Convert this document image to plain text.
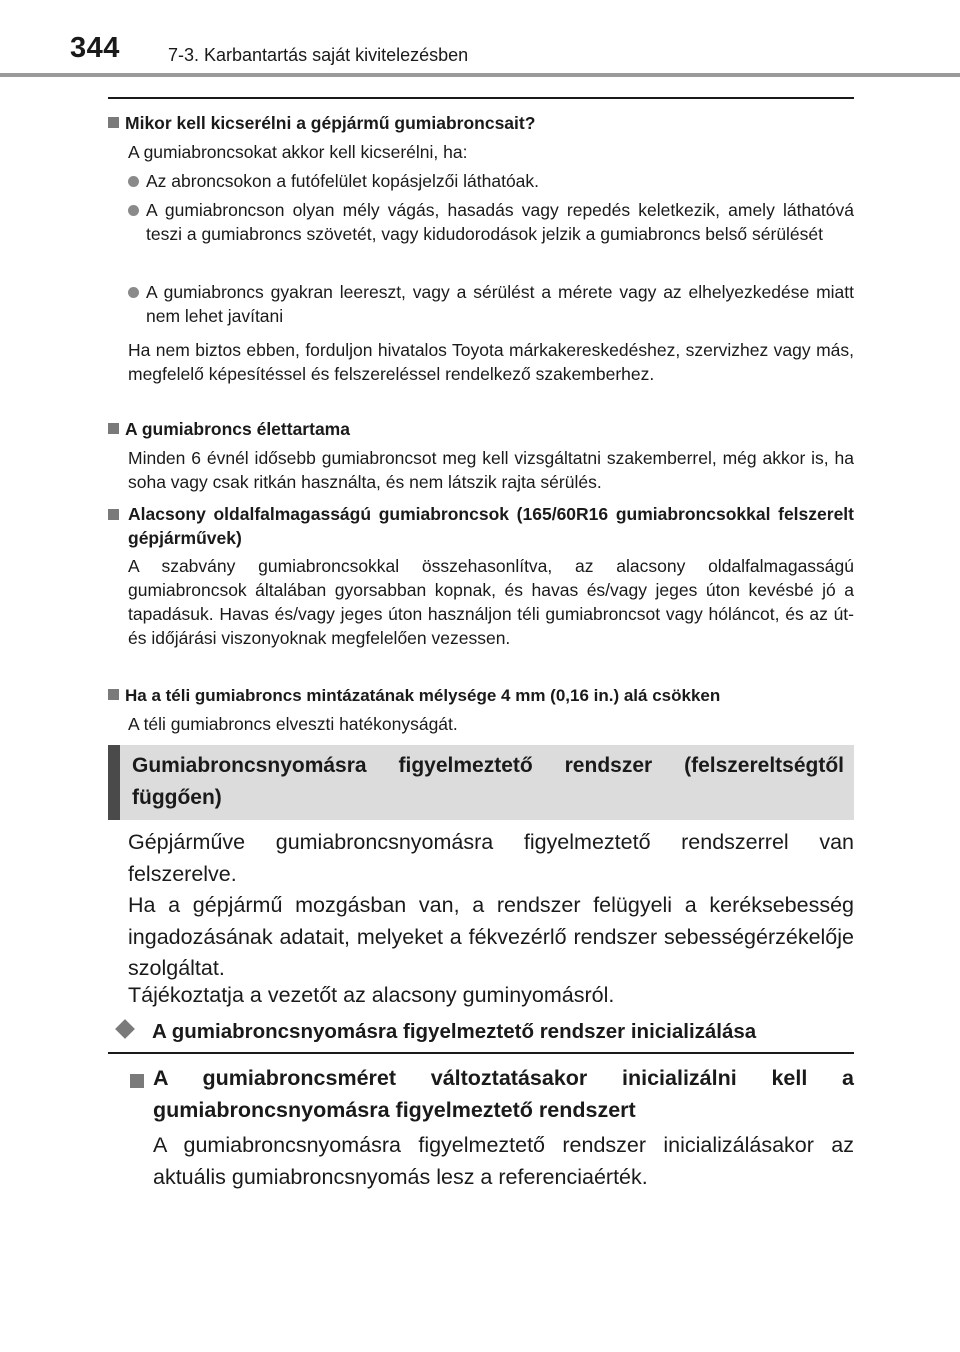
344	7-3. Karbantartás saját kivitelezésben

Mikor kell kicserélni a gépjármű gumiabroncsait?

A gumiabroncsokat akkor kell kicserélni, ha:

Az abroncsokon a futófelület kopásjelzői láthatóak.

A gumiabroncson olyan mély vágás, hasadás vagy repedés keletkezik, amely láthatóvá teszi a gumiabroncs szövetét, vagy kidudorodások jelzik a gumiabroncs belső sérülését

A gumiabroncs gyakran leereszt, vagy a sérülést a mérete vagy az elhelyezkedése miatt nem lehet javítani

Ha nem biztos ebben, forduljon hivatalos Toyota márkakereskedéshez, szervizhez vagy más, megfelelő képesítéssel és felszereléssel rendelkező szakemberhez.

A gumiabroncs élettartama

Minden 6 évnél idősebb gumiabroncsot meg kell vizsgáltatni szakemberrel, még akkor is, ha soha vagy csak ritkán használta, és nem látszik rajta sérülés.

Alacsony oldalfalmagasságú gumiabroncsok (165/60R16 gumiabroncsokkal felszerelt gépjárművek)

A szabvány gumiabroncsokkal összehasonlítva, az alacsony oldalfalmagasságú gumiabroncsok általában gyorsabban kopnak, és havas és/vagy jeges úton kevésbé jó a tapadásuk. Havas és/vagy jeges úton használjon téli gumiabroncsot vagy hóláncot, és az út- és időjárási viszonyoknak megfelelően vezessen.

Ha a téli gumiabroncs mintázatának mélysége 4 mm (0,16 in.) alá csökken

A téli gumiabroncs elveszti hatékonyságát.

Gumiabroncsnyomásra figyelmeztető rendszer (felszereltségtől függően)

Gépjárműve gumiabroncsnyomásra figyelmeztető rendszerrel van felszerelve.

Ha a gépjármű mozgásban van, a rendszer felügyeli a keréksebesség ingadozásának adatait, melyeket a fékvezérlő rendszer sebességérzékelője szolgáltat.

Tájékoztatja a vezetőt az alacsony guminyomásról.

A gumiabroncsnyomásra figyelmeztető rendszer inicializálása

A gumiabroncsméret változtatásakor inicializálni kell a gumiabroncsnyomásra figyelmeztető rendszert

A gumiabroncsnyomásra figyelmeztető rendszer inicializálásakor az aktuális gumiabroncsnyomás lesz a referenciaérték.
